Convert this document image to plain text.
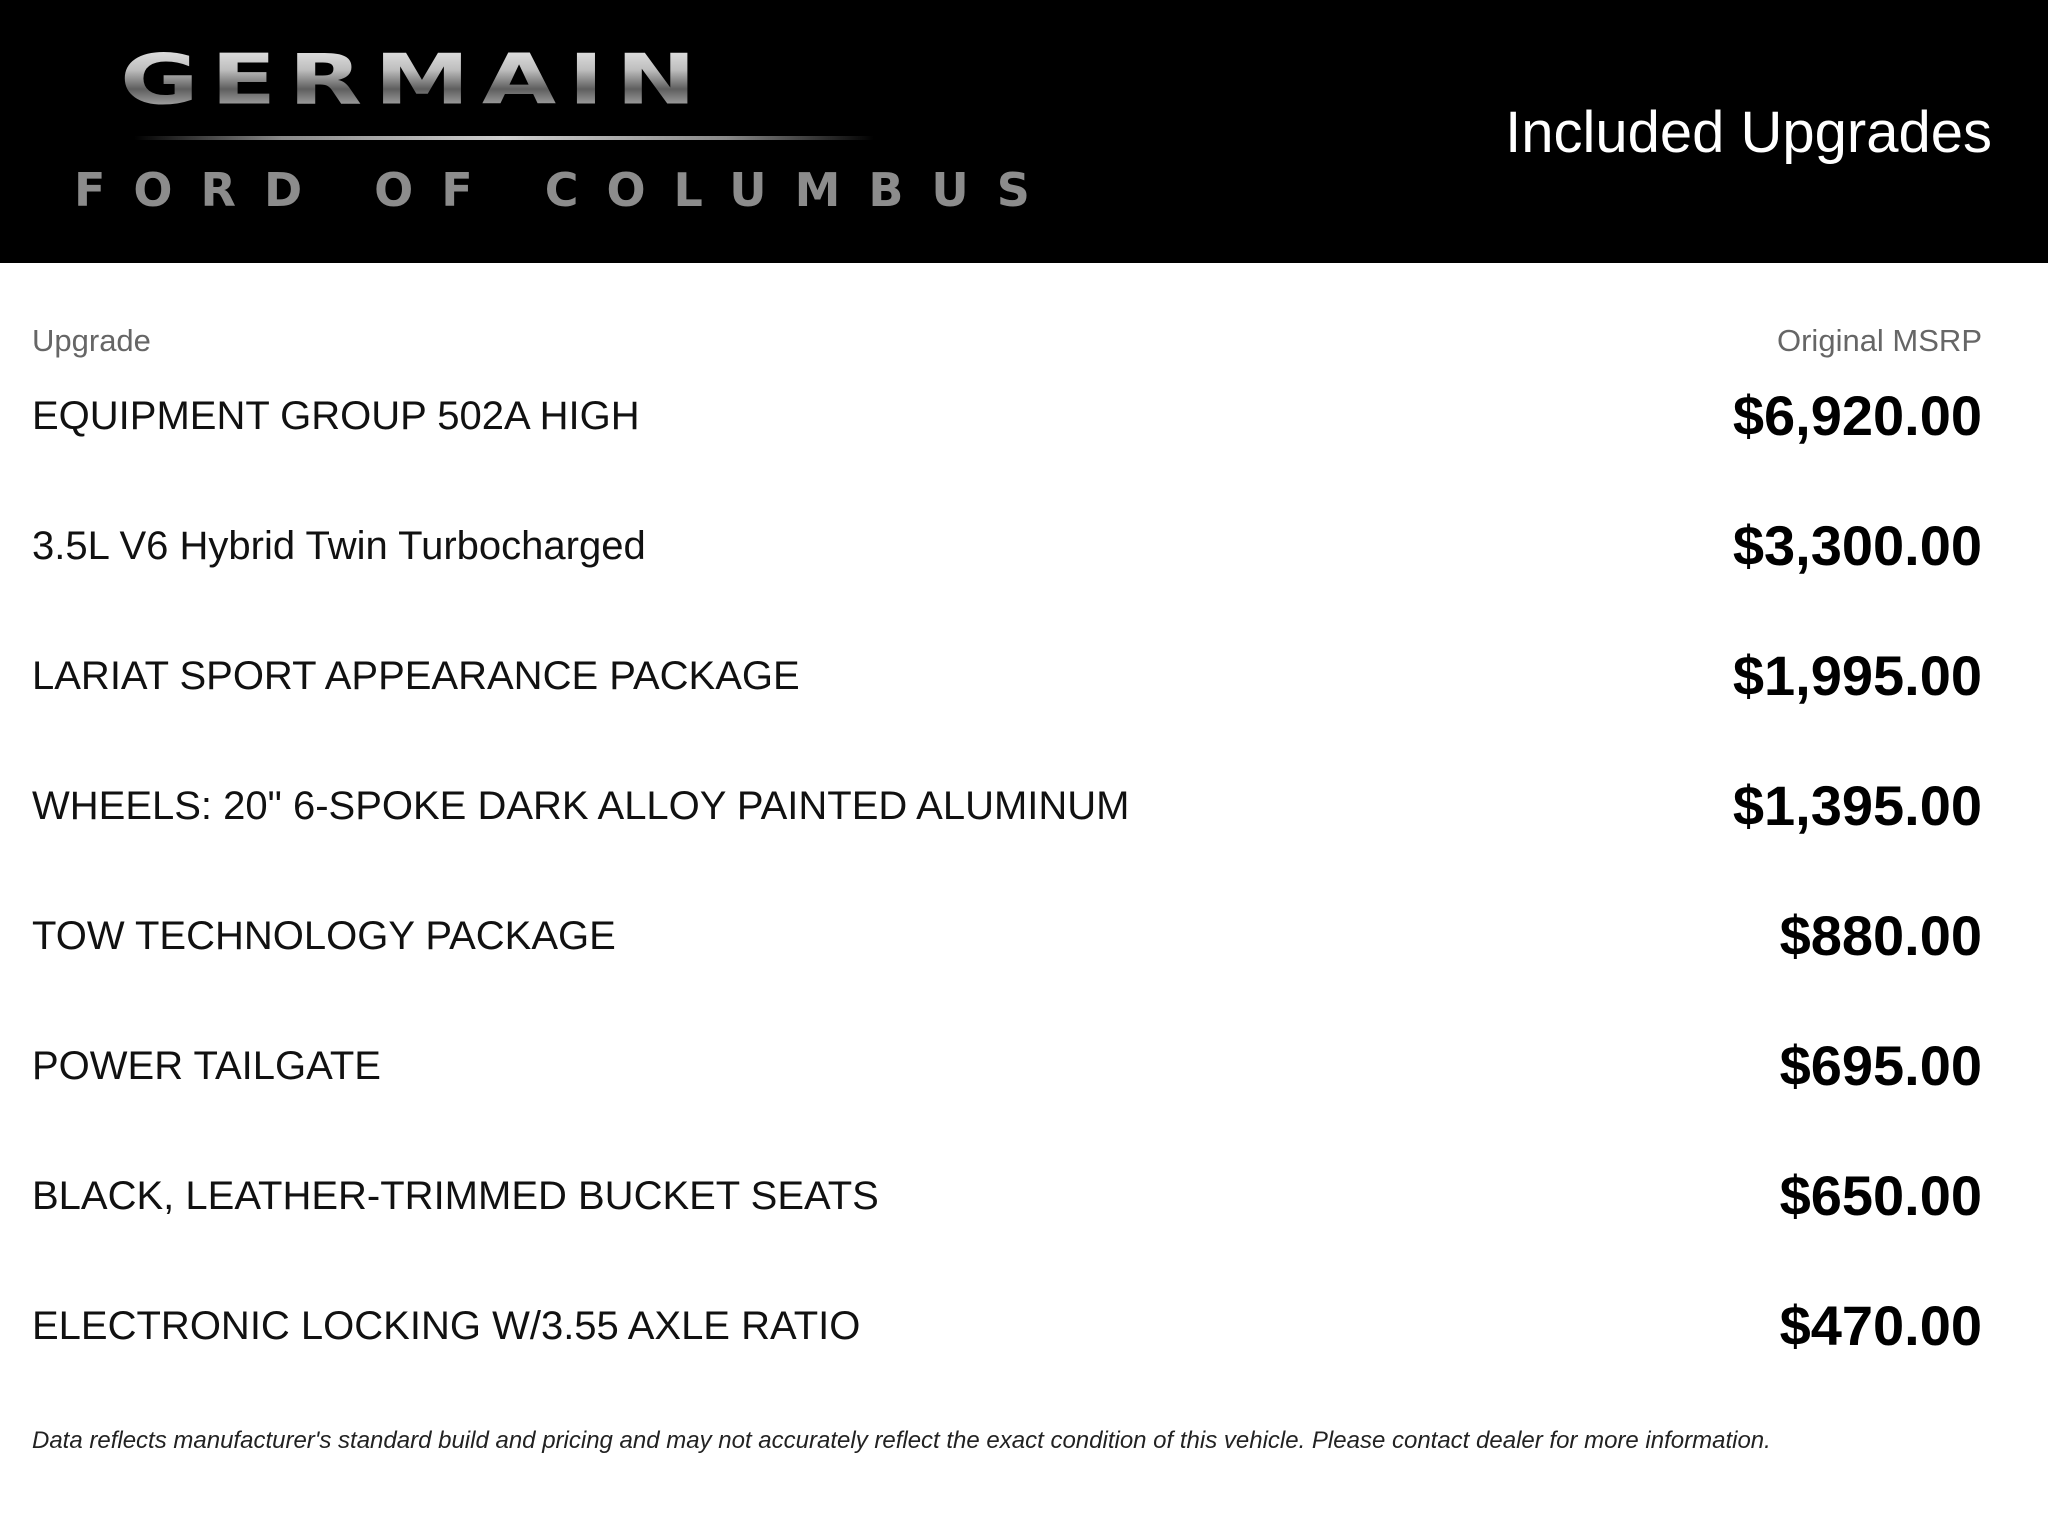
GERMAIN
FORD OF COLUMBUS
Included Upgrades
Upgrade	Original MSRP
EQUIPMENT GROUP 502A HIGH	$6,920.00
3.5L V6 Hybrid Twin Turbocharged	$3,300.00
LARIAT SPORT APPEARANCE PACKAGE	$1,995.00
WHEELS: 20" 6-SPOKE DARK ALLOY PAINTED ALUMINUM	$1,395.00
TOW TECHNOLOGY PACKAGE	$880.00
POWER TAILGATE	$695.00
BLACK, LEATHER-TRIMMED BUCKET SEATS	$650.00
ELECTRONIC LOCKING W/3.55 AXLE RATIO	$470.00
Data reflects manufacturer's standard build and pricing and may not accurately reflect the exact condition of this vehicle. Please contact dealer for more information.
